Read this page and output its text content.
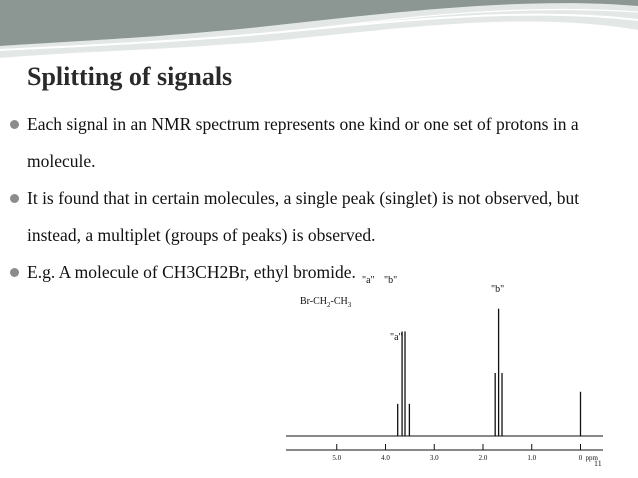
Splitting of signals
Each signal in an NMR spectrum represents one kind or one set of protons in a molecule.
It is found that in certain molecules, a single peak (singlet) is not observed, but instead, a multiplet (groups of peaks) is observed.
E.g. A molecule of CH3CH2Br, ethyl bromide. "a" "b"
$Br-CH_2-CH_3$
"a"
"b"
5.0	4.0	3.0	2.0	1.0	0 ppm
11
